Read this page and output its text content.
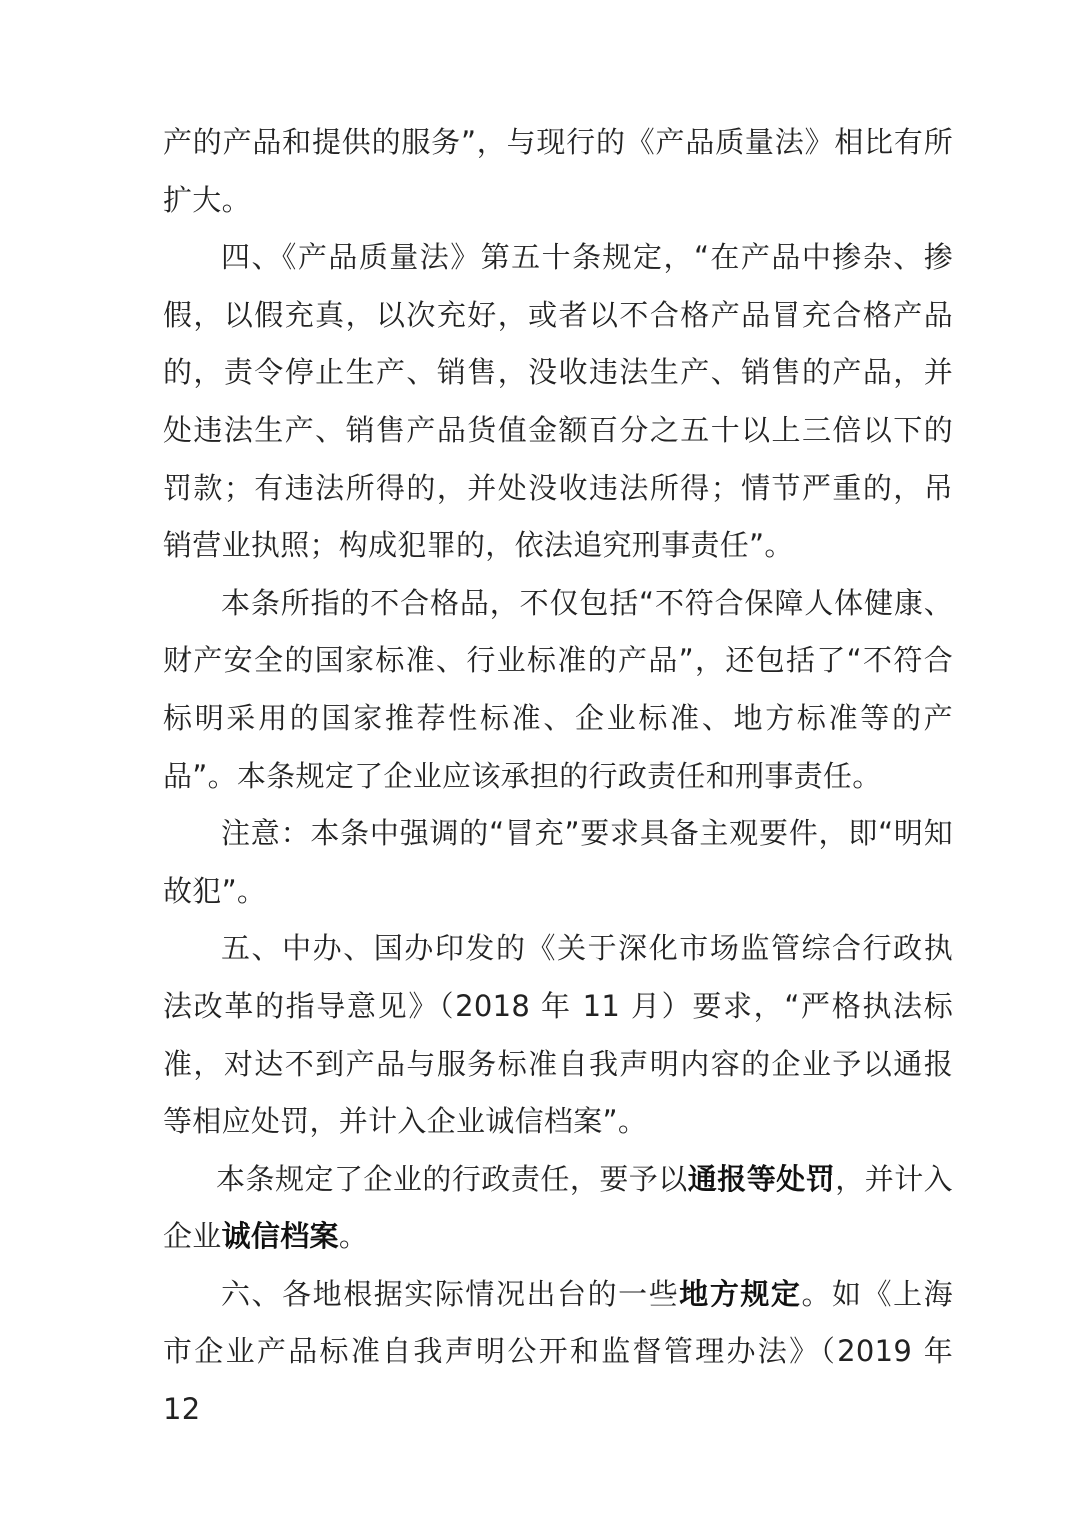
产的产品和提供的服务”，与现行的《产品质量法》相比有所扩大。

四、《产品质量法》第五十条规定，“在产品中掺杂、掺假，以假充真，以次充好，或者以不合格产品冒充合格产品的，责令停止生产、销售，没收违法生产、销售的产品，并处违法生产、销售产品货值金额百分之五十以上三倍以下的罚款；有违法所得的，并处没收违法所得；情节严重的，吊销营业执照；构成犯罪的，依法追究刑事责任”。

本条所指的不合格品，不仅包括“不符合保障人体健康、财产安全的国家标准、行业标准的产品”，还包括了“不符合标明采用的国家推荐性标准、企业标准、地方标准等的产品”。本条规定了企业应该承担的行政责任和刑事责任。

注意：本条中强调的“冒充”要求具备主观要件，即“明知故犯”。

五、中办、国办印发的《关于深化市场监管综合行政执法改革的指导意见》（2018 年 11 月）要求，“严格执法标准，对达不到产品与服务标准自我声明内容的企业予以通报等相应处罚，并计入企业诚信档案”。

本条规定了企业的行政责任，要予以通报等处罚，并计入企业诚信档案。

六、各地根据实际情况出台的一些地方规定。如《上海市企业产品标准自我声明公开和监督管理办法》（2019 年 12
